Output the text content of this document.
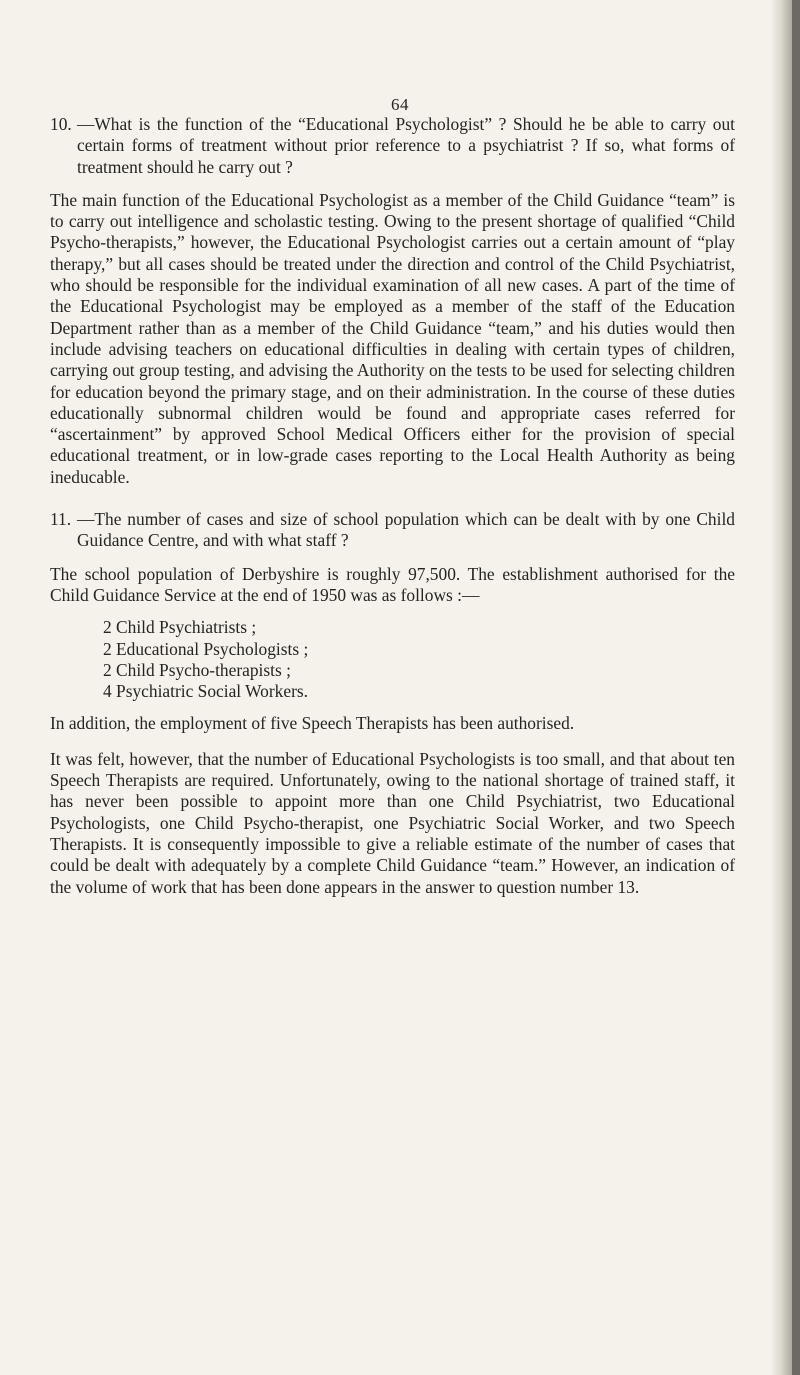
64
10. —What is the function of the “Educational Psychologist” ? Should he be able to carry out certain forms of treatment without prior reference to a psychiatrist ? If so, what forms of treatment should he carry out ?

The main function of the Educational Psychologist as a member of the Child Guidance “team” is to carry out intelligence and scholastic testing. Owing to the present shortage of qualified “Child Psycho-therapists,” however, the Educational Psychologist carries out a certain amount of “play therapy,” but all cases should be treated under the direction and control of the Child Psychiatrist, who should be responsible for the individual examination of all new cases. A part of the time of the Educational Psychologist may be employed as a member of the staff of the Education Department rather than as a member of the Child Guidance “team,” and his duties would then include advising teachers on educational difficulties in dealing with certain types of children, carrying out group testing, and advising the Authority on the tests to be used for selecting children for education beyond the primary stage, and on their administration. In the course of these duties educationally subnormal children would be found and appropriate cases referred for “ascertainment” by approved School Medical Officers either for the provision of special educational treatment, or in low-grade cases reporting to the Local Health Authority as being ineducable.

11. —The number of cases and size of school population which can be dealt with by one Child Guidance Centre, and with what staff ?

The school population of Derbyshire is roughly 97,500. The establishment authorised for the Child Guidance Service at the end of 1950 was as follows :—

2 Child Psychiatrists ;
2 Educational Psychologists ;
2 Child Psycho-therapists ;
4 Psychiatric Social Workers.

In addition, the employment of five Speech Therapists has been authorised.

It was felt, however, that the number of Educational Psychologists is too small, and that about ten Speech Therapists are required. Unfortunately, owing to the national shortage of trained staff, it has never been possible to appoint more than one Child Psychiatrist, two Educational Psychologists, one Child Psycho-therapist, one Psychiatric Social Worker, and two Speech Therapists. It is consequently impossible to give a reliable estimate of the number of cases that could be dealt with adequately by a complete Child Guidance “team.” However, an indication of the volume of work that has been done appears in the answer to question number 13.
